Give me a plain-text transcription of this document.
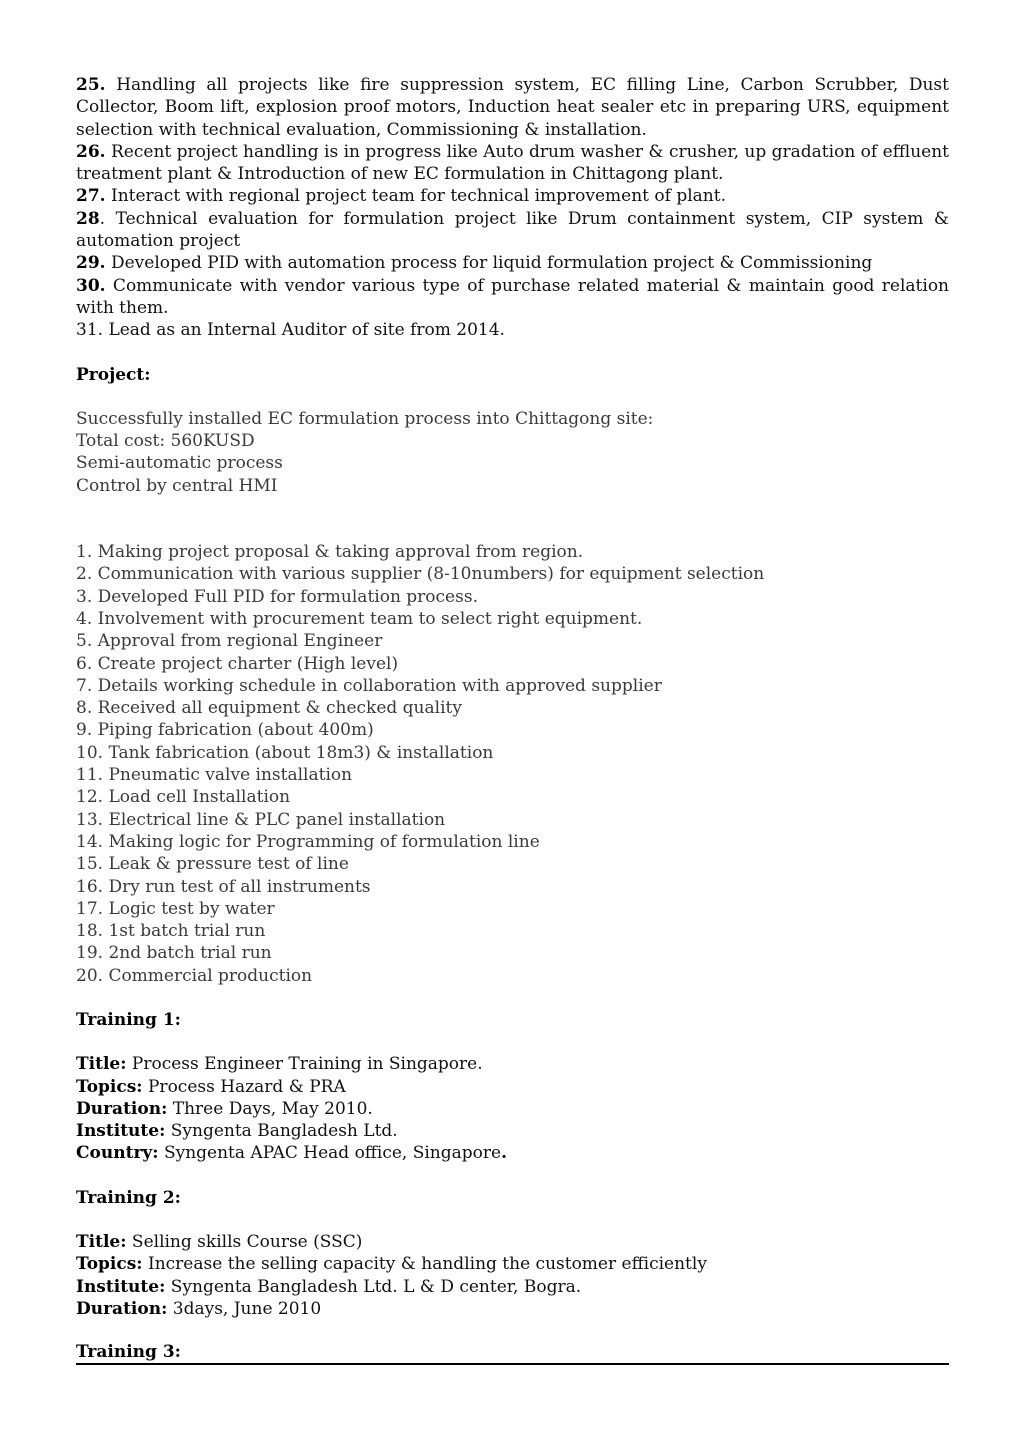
25. Handling all projects like fire suppression system, EC filling Line, Carbon Scrubber, Dust Collector, Boom lift, explosion proof motors, Induction heat sealer etc in preparing URS, equipment selection with technical evaluation, Commissioning & installation.

26. Recent project handling is in progress like Auto drum washer & crusher, up gradation of effluent treatment plant & Introduction of new EC formulation in Chittagong plant.

27. Interact with regional project team for technical improvement of plant.

28. Technical evaluation for formulation project like Drum containment system, CIP system & automation project

29. Developed PID with automation process for liquid formulation project & Commissioning

30. Communicate with vendor various type of purchase related material & maintain good relation with them.

31. Lead as an Internal Auditor of site from 2014.

Project:

Successfully installed EC formulation process into Chittagong site:

Total cost: 560KUSD

Semi-automatic process

Control by central HMI

1. Making project proposal & taking approval from region.

2. Communication with various supplier (8-10numbers) for equipment selection

3. Developed Full PID for formulation process.

4. Involvement with procurement team to select right equipment.

5. Approval from regional Engineer

6. Create project charter (High level)

7. Details working schedule in collaboration with approved supplier

8. Received all equipment & checked quality

9. Piping fabrication (about 400m)

10. Tank fabrication (about 18m3) & installation

11. Pneumatic valve installation

12. Load cell Installation

13. Electrical line & PLC panel installation

14. Making logic for Programming of formulation line

15. Leak & pressure test of line

16. Dry run test of all instruments

17. Logic test by water

18. 1st batch trial run

19. 2nd batch trial run

20. Commercial production

Training 1:

Title: Process Engineer Training in Singapore.

Topics: Process Hazard & PRA

Duration: Three Days, May 2010.

Institute: Syngenta Bangladesh Ltd.

Country: Syngenta APAC Head office, Singapore.

Training 2:

Title: Selling skills Course (SSC)

Topics: Increase the selling capacity & handling the customer efficiently

Institute: Syngenta Bangladesh Ltd. L & D center, Bogra.

Duration: 3days, June 2010

Training 3:
